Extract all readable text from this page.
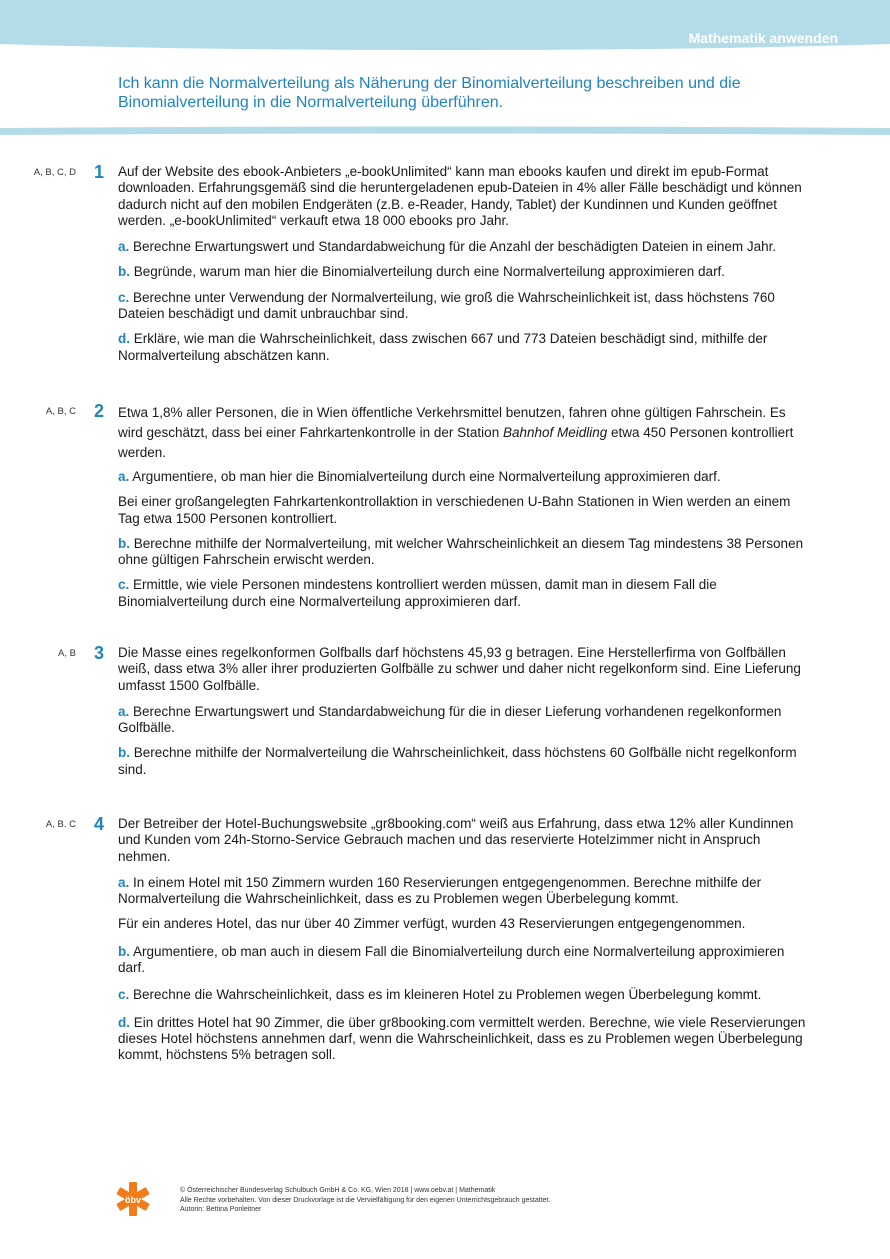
Mathematik anwenden
Ich kann die Normalverteilung als Näherung der Binomialverteilung beschreiben und die Binomialverteilung in die Normalverteilung überführen.
A, B, C, D 1 Auf der Website des ebook-Anbieters „e-bookUnlimited“ kann man ebooks kaufen und direkt im epub-Format downloaden. Erfahrungsgemäß sind die heruntergeladenen epub-Dateien in 4% aller Fälle beschädigt und können dadurch nicht auf den mobilen Endgeräten (z.B. e-Reader, Handy, Tablet) der Kundinnen und Kunden geöffnet werden. „e-bookUnlimited“ verkauft etwa 18 000 ebooks pro Jahr.

a. Berechne Erwartungswert und Standardabweichung für die Anzahl der beschädigten Dateien in einem Jahr.

b. Begründe, warum man hier die Binomialverteilung durch eine Normalverteilung approximieren darf.

c. Berechne unter Verwendung der Normalverteilung, wie groß die Wahrscheinlichkeit ist, dass höchstens 760 Dateien beschädigt und damit unbrauchbar sind.

d. Erkläre, wie man die Wahrscheinlichkeit, dass zwischen 667 und 773 Dateien beschädigt sind, mithilfe der Normalverteilung abschätzen kann.

A, B, C 2 Etwa 1,8% aller Personen, die in Wien öffentliche Verkehrsmittel benutzen, fahren ohne gültigen Fahrschein. Es wird geschätzt, dass bei einer Fahrkartenkontrolle in der Station Bahnhof Meidling etwa 450 Personen kontrolliert werden.

a. Argumentiere, ob man hier die Binomialverteilung durch eine Normalverteilung approximieren darf.

Bei einer großangelegten Fahrkartenkontrollaktion in verschiedenen U-Bahn Stationen in Wien werden an einem Tag etwa 1500 Personen kontrolliert.

b. Berechne mithilfe der Normalverteilung, mit welcher Wahrscheinlichkeit an diesem Tag mindestens 38 Personen ohne gültigen Fahrschein erwischt werden.

c. Ermittle, wie viele Personen mindestens kontrolliert werden müssen, damit man in diesem Fall die Binomialverteilung durch eine Normalverteilung approximieren darf.

A, B 3 Die Masse eines regelkonformen Golfballs darf höchstens 45,93 g betragen. Eine Herstellerfirma von Golfbällen weiß, dass etwa 3% aller ihrer produzierten Golfbälle zu schwer und daher nicht regelkonform sind. Eine Lieferung umfasst 1500 Golfbälle.

a. Berechne Erwartungswert und Standardabweichung für die in dieser Lieferung vorhandenen regelkonformen Golfbälle.

b. Berechne mithilfe der Normalverteilung die Wahrscheinlichkeit, dass höchstens 60 Golfbälle nicht regelkonform sind.

A, B. C 4 Der Betreiber der Hotel-Buchungswebsite „gr8booking.com“ weiß aus Erfahrung, dass etwa 12% aller Kundinnen und Kunden vom 24h-Storno-Service Gebrauch machen und das reservierte Hotelzimmer nicht in Anspruch nehmen.

a. In einem Hotel mit 150 Zimmern wurden 160 Reservierungen entgegengenommen. Berechne mithilfe der Normalverteilung die Wahrscheinlichkeit, dass es zu Problemen wegen Überbelegung kommt.

Für ein anderes Hotel, das nur über 40 Zimmer verfügt, wurden 43 Reservierungen entgegengenommen.

b. Argumentiere, ob man auch in diesem Fall die Binomialverteilung durch eine Normalverteilung approximieren darf.

c. Berechne die Wahrscheinlichkeit, dass es im kleineren Hotel zu Problemen wegen Überbelegung kommt.

d. Ein drittes Hotel hat 90 Zimmer, die über gr8booking.com vermittelt werden. Berechne, wie viele Reservierungen dieses Hotel höchstens annehmen darf, wenn die Wahrscheinlichkeit, dass es zu Problemen wegen Überbelegung kommt, höchstens 5% betragen soll.

öbv
© Österreichischer Bundesverlag Schulbuch GmbH & Co. KG, Wien 2018 | www.oebv.at | Mathematik
Alle Rechte vorbehalten. Von dieser Druckvorlage ist die Vervielfältigung für den eigenen Unterrichtsgebrauch gestattet.
Autorin: Bettina Ponleitner
